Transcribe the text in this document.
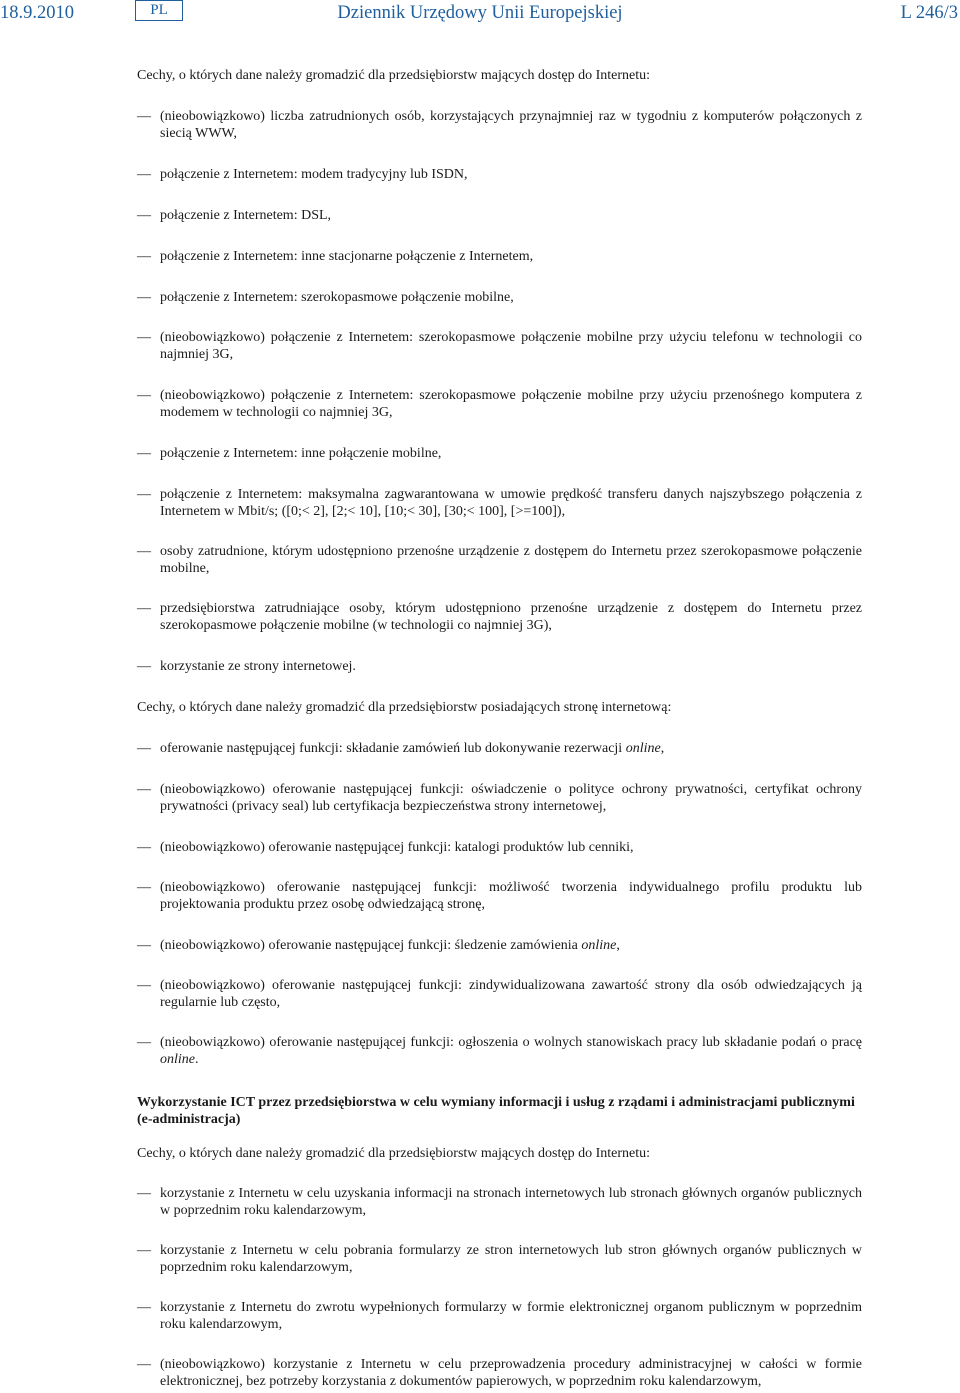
18.9.2010	PL	Dziennik Urzędowy Unii Europejskiej	L 246/3

Cechy, o których dane należy gromadzić dla przedsiębiorstw mających dostęp do Internetu:

— (nieobowiązkowo) liczba zatrudnionych osób, korzystających przynajmniej raz w tygodniu z komputerów połączonych z siecią WWW,
— połączenie z Internetem: modem tradycyjny lub ISDN,
— połączenie z Internetem: DSL,
— połączenie z Internetem: inne stacjonarne połączenie z Internetem,
— połączenie z Internetem: szerokopasmowe połączenie mobilne,
— (nieobowiązkowo) połączenie z Internetem: szerokopasmowe połączenie mobilne przy użyciu telefonu w technologii co najmniej 3G,
— (nieobowiązkowo) połączenie z Internetem: szerokopasmowe połączenie mobilne przy użyciu przenośnego komputera z modemem w technologii co najmniej 3G,
— połączenie z Internetem: inne połączenie mobilne,
— połączenie z Internetem: maksymalna zagwarantowana w umowie prędkość transferu danych najszybszego połączenia z Internetem w Mbit/s; ([0;< 2], [2;< 10], [10;< 30], [30;< 100], [>=100]),
— osoby zatrudnione, którym udostępniono przenośne urządzenie z dostępem do Internetu przez szerokopasmowe połączenie mobilne,
— przedsiębiorstwa zatrudniające osoby, którym udostępniono przenośne urządzenie z dostępem do Internetu przez szerokopasmowe połączenie mobilne (w technologii co najmniej 3G),
— korzystanie ze strony internetowej.

Cechy, o których dane należy gromadzić dla przedsiębiorstw posiadających stronę internetową:

— oferowanie następującej funkcji: składanie zamówień lub dokonywanie rezerwacji online,
— (nieobowiązkowo) oferowanie następującej funkcji: oświadczenie o polityce ochrony prywatności, certyfikat ochrony prywatności (privacy seal) lub certyfikacja bezpieczeństwa strony internetowej,
— (nieobowiązkowo) oferowanie następującej funkcji: katalogi produktów lub cenniki,
— (nieobowiązkowo) oferowanie następującej funkcji: możliwość tworzenia indywidualnego profilu produktu lub projektowania produktu przez osobę odwiedzającą stronę,
— (nieobowiązkowo) oferowanie następującej funkcji: śledzenie zamówienia online,
— (nieobowiązkowo) oferowanie następującej funkcji: zindywidualizowana zawartość strony dla osób odwiedzających ją regularnie lub często,
— (nieobowiązkowo) oferowanie następującej funkcji: ogłoszenia o wolnych stanowiskach pracy lub składanie podań o pracę online.

Wykorzystanie ICT przez przedsiębiorstwa w celu wymiany informacji i usług z rządami i administracjami publicznymi (e-administracja)

Cechy, o których dane należy gromadzić dla przedsiębiorstw mających dostęp do Internetu:

— korzystanie z Internetu w celu uzyskania informacji na stronach internetowych lub stronach głównych organów publicznych w poprzednim roku kalendarzowym,
— korzystanie z Internetu w celu pobrania formularzy ze stron internetowych lub stron głównych organów publicznych w poprzednim roku kalendarzowym,
— korzystanie z Internetu do zwrotu wypełnionych formularzy w formie elektronicznej organom publicznym w poprzednim roku kalendarzowym,
— (nieobowiązkowo) korzystanie z Internetu w celu przeprowadzenia procedury administracyjnej w całości w formie elektronicznej, bez potrzeby korzystania z dokumentów papierowych, w poprzednim roku kalendarzowym,
